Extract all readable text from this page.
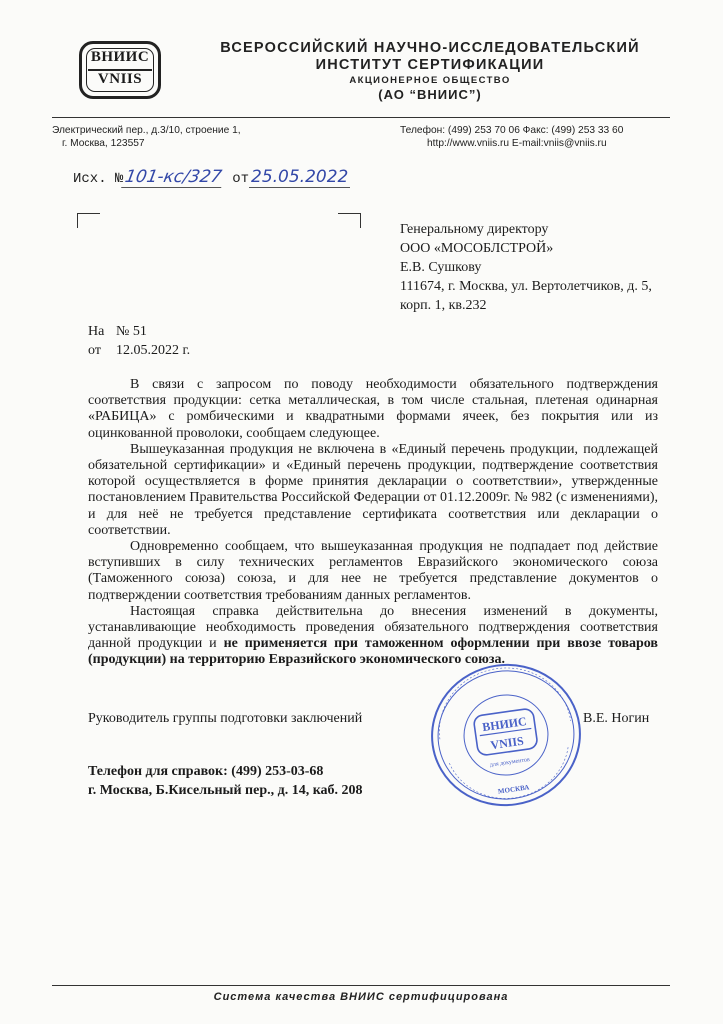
ВНИИС
VNIIS
ВСЕРОССИЙСКИЙ НАУЧНО-ИССЛЕДОВАТЕЛЬСКИЙ
ИНСТИТУТ СЕРТИФИКАЦИИ
АКЦИОНЕРНОЕ ОБЩЕСТВО
(АО “ВНИИС”)
Электрический пер., д.3/10, строение 1,
г. Москва, 123557
Телефон: (499) 253 70 06 Факс: (499) 253 33 60
http://www.vniis.ru E-mail:vniis@vniis.ru
Исх. №101-кс/327 от 25.05.2022
Генеральному директору
ООО «МОСОБЛСТРОЙ»
Е.В. Сушкову
111674, г. Москва, ул. Вертолетчиков, д. 5,
корп. 1, кв.232
На № 51
от 12.05.2022 г.

В связи с запросом по поводу необходимости обязательного подтверждения соответствия продукции: сетка металлическая, в том числе стальная, плетеная одинарная «РАБИЦА» с ромбическими и квадратными формами ячеек, без покрытия или из оцинкованной проволоки, сообщаем следующее.

Вышеуказанная продукция не включена в «Единый перечень продукции, подлежащей обязательной сертификации» и «Единый перечень продукции, подтверждение соответствия которой осуществляется в форме принятия декларации о соответствии», утвержденные постановлением Правительства Российской Федерации от 01.12.2009г. № 982 (с изменениями), и для неё не требуется представление сертификата соответствия или декларации о соответствии.

Одновременно сообщаем, что вышеуказанная продукция не подпадает под действие вступивших в силу технических регламентов Евразийского экономического союза (Таможенного союза) союза, и для нее не требуется представление документов о подтверждении соответствия требованиям данных регламентов.

Настоящая справка действительна до внесения изменений в документы, устанавливающие необходимость проведения обязательного подтверждения соответствия данной продукции и не применяется при таможенном оформлении при ввозе товаров (продукции) на территорию Евразийского экономического союза.

ВНИИС
VNIIS
для документов
МОСКВА
Руководитель группы подготовки заключений	В.Е. Ногин
Телефон для справок: (499) 253-03-68
г. Москва, Б.Кисельный пер., д. 14, каб. 208
Система качества ВНИИС сертифицирована
